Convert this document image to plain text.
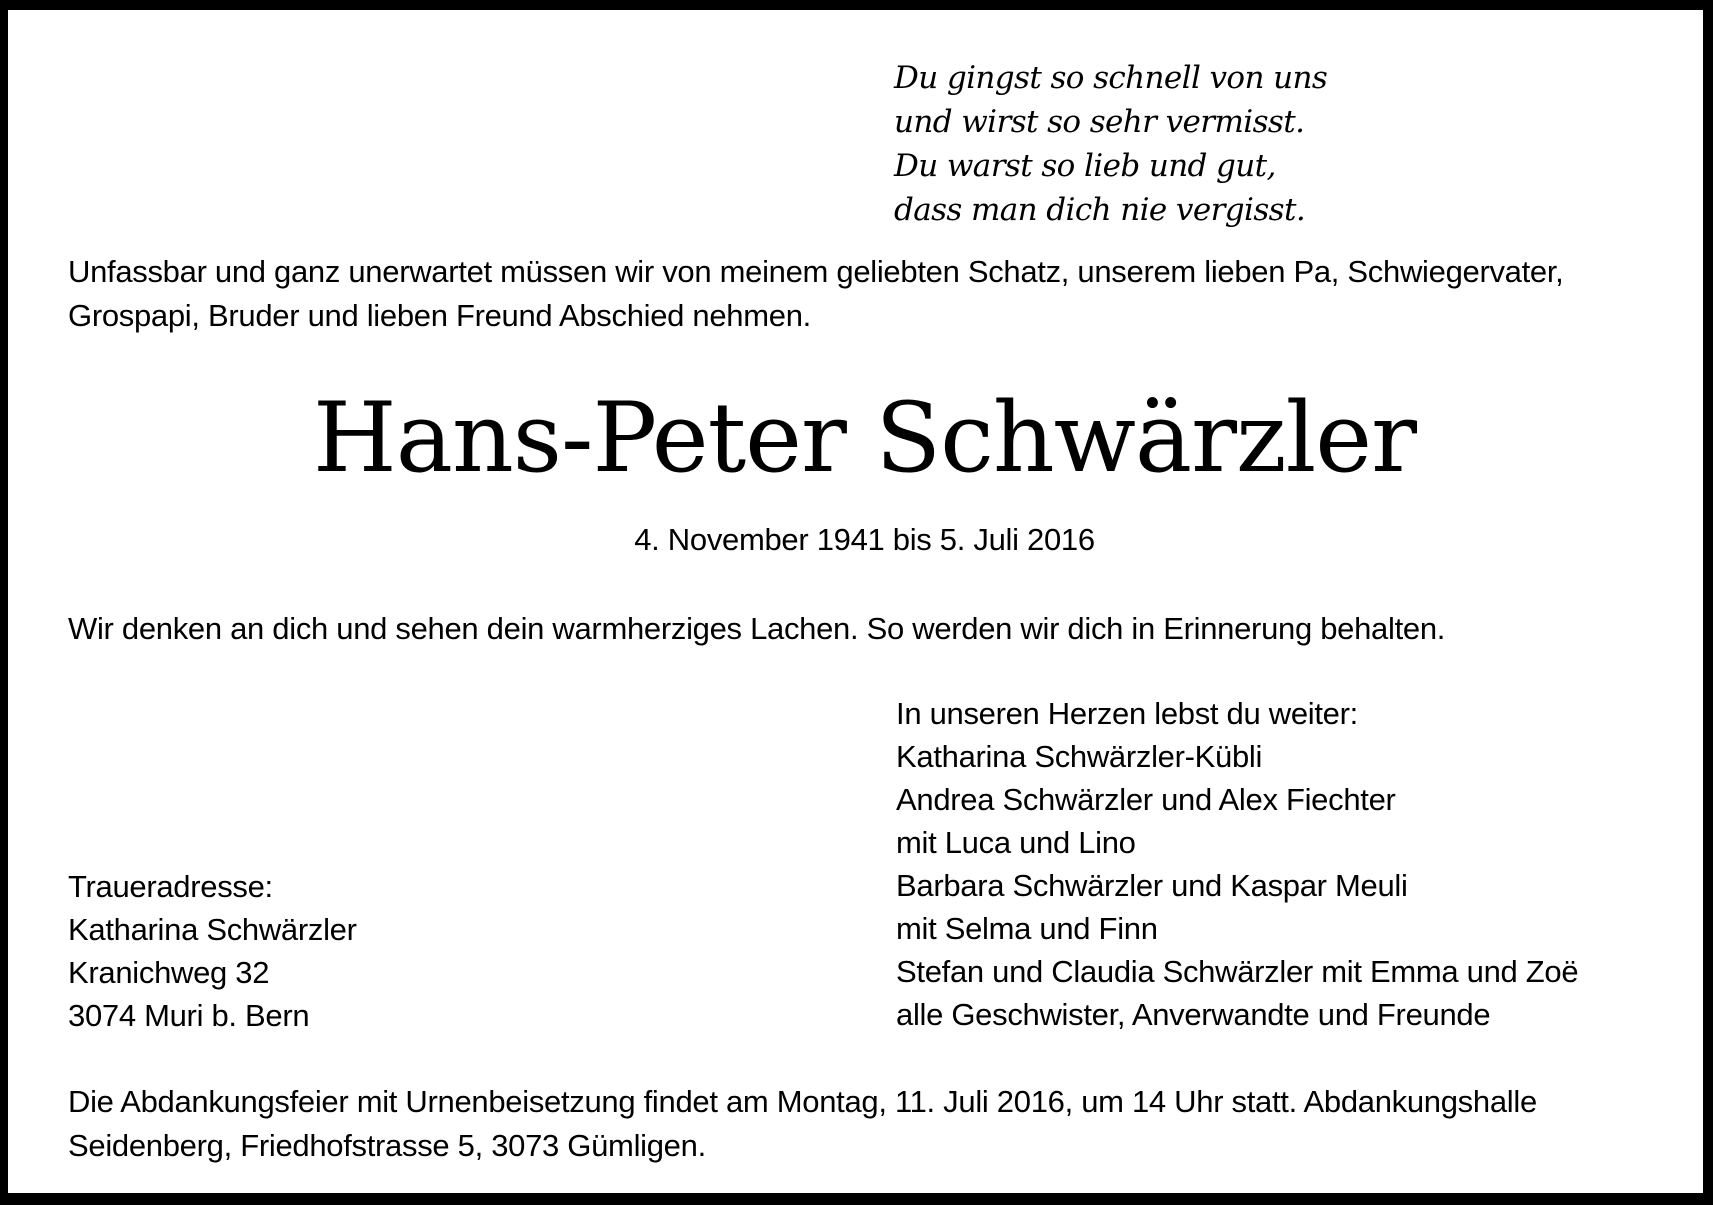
Du gingst so schnell von uns
und wirst so sehr vermisst.
Du warst so lieb und gut,
dass man dich nie vergisst.
Unfassbar und ganz unerwartet müssen wir von meinem geliebten Schatz, unserem lieben Pa, Schwiegervater,
Grospapi, Bruder und lieben Freund Abschied nehmen.
Hans-Peter Schwärzler
4. November 1941 bis 5. Juli 2016
Wir denken an dich und sehen dein warmherziges Lachen. So werden wir dich in Erinnerung behalten.
In unseren Herzen lebst du weiter:
Katharina Schwärzler-Kübli
Andrea Schwärzler und Alex Fiechter
mit Luca und Lino
Barbara Schwärzler und Kaspar Meuli
mit Selma und Finn
Stefan und Claudia Schwärzler mit Emma und Zoë
alle Geschwister, Anverwandte und Freunde
Traueradresse:
Katharina Schwärzler
Kranichweg 32
3074 Muri b. Bern
Die Abdankungsfeier mit Urnenbeisetzung findet am Montag, 11. Juli 2016, um 14 Uhr statt. Abdankungshalle
Seidenberg, Friedhofstrasse 5, 3073 Gümligen.
